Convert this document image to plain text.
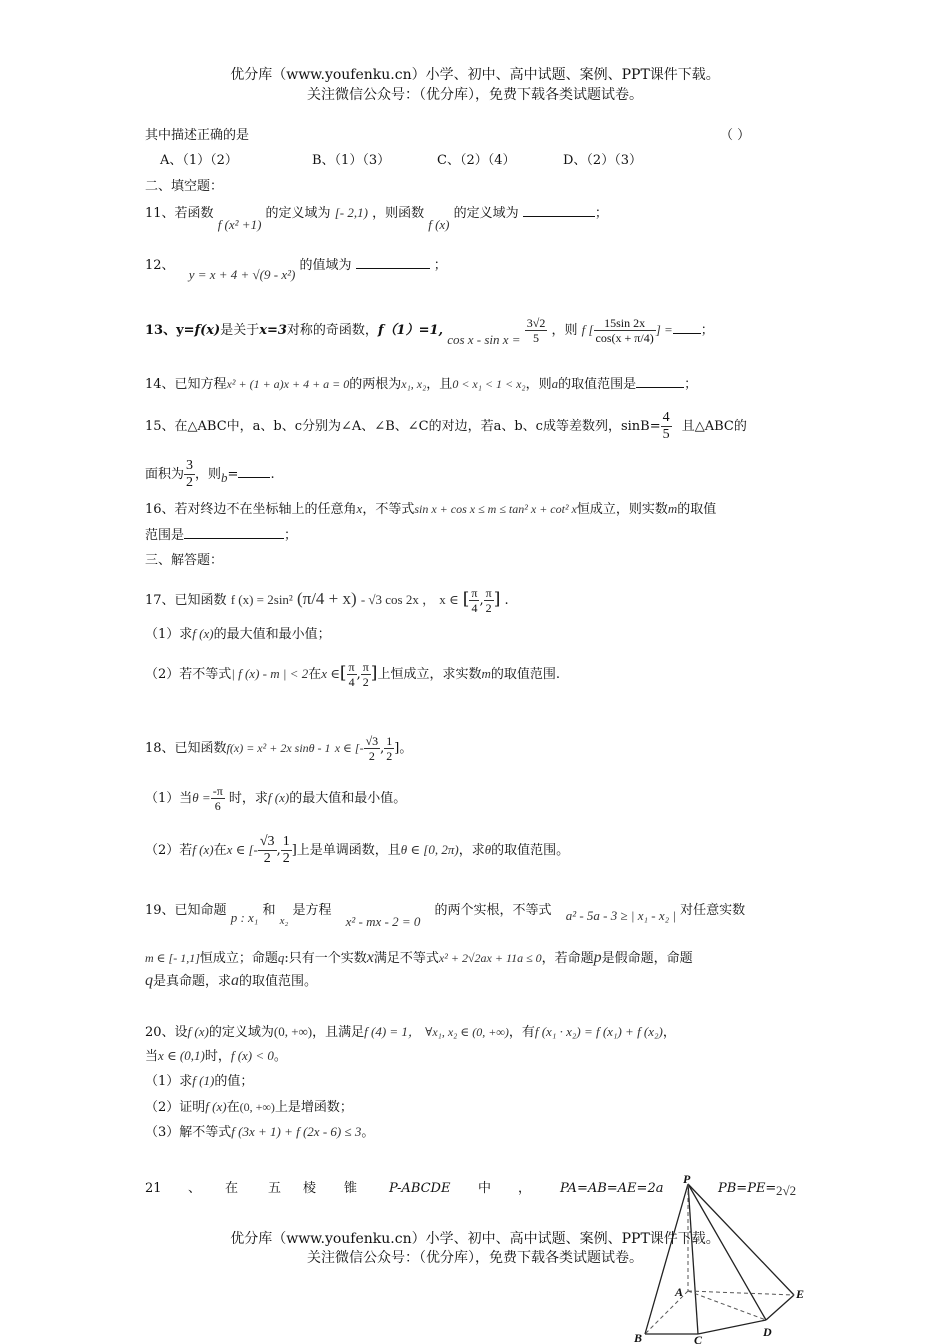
优分库（www.youfenku.cn）小学、初中、高中试题、案例、PPT课件下载。
关注微信公众号：（优分库），免费下载各类试题试卷。
其中描述正确的是	（ ）
A、（1）（2）	B、（1）（3）	C、（2）（4）	D、（2）（3）
二、填空题：
11、若函数 f (x² +1) 的定义域为 [- 2,1) ，则函数 f (x) 的定义域为	；
12、 y = x + 4 + √(9 - x²) 的值域为	；
13、y=f(x)是关于x=3对称的奇函数，f（1）=1, $\cos x - \sin x = \frac{3√2}{5}$ ，则 f [ $\frac{15\sin 2x}{\cos(x + \pi/4)}$ ] = ；
14、已知方程x² + (1 + a)x + 4 + a = 0的两根为x₁, x₂，且0 < x₁ < 1 < x₂，则a的取值范围是	；
15、在△ABC中，a、b、c分别为∠A、∠B、∠C的对边，若a、b、c成等差数列，$\sin B= \frac{4}{5}$ 且△ABC的
面积为 $\frac{3}{2}$ ，则b= .
16、若对终边不在坐标轴上的任意角x，不等式sin x + cos x ≤ m ≤ tan² x + cot² x恒成立，则实数m的取值
范围是	；
三、解答题：
17、已知函数 f (x) = 2sin² (π/4 + x) - √3 cos 2x ， x ∈ [ $\frac{\pi}{4}$ , $\frac{\pi}{2}$ ] .
（1）求f (x)的最大值和最小值；
（2）若不等式| f (x) - m | < 2在x ∈[ $\frac{\pi}{4}$ , $\frac{\pi}{2}$ ]上恒成立，求实数m的取值范围.
18、已知函数f(x) = x² + 2x sinθ - 1 x ∈ [- $\frac{√3}{2}$ , $\frac{1}{2}$ ]。
（1）当$\theta = \frac{-\pi}{6}$ 时，求f (x)的最大值和最小值。
（2）若f (x)在x ∈ [- $\frac{√3}{2}$ , $\frac{1}{2}$ ]上是单调函数，且θ ∈ [0, 2π)，求θ的取值范围。
19、已知命题 p : x₁ 和 $_{x_2}$ 是方程 x² - mx - 2 = 0 的两个实根，不等式 a² - 5a - 3 ≥ | x₁ - x₂ | 对任意实数
m ∈ [- 1,1]恒成立；命题q:只有一个实数x满足不等式x² + 2√2ax + 11a ≤ 0，若命题p是假命题，命题
q是真命题，求a的取值范围。
20、设f (x)的定义域为(0, +∞)，且满足f (4) = 1， ∀x₁, x₂ ∈ (0, +∞)，有f (x₁ · x₂) = f (x₁) + f (x₂)，
当x ∈ (0,1)时，f (x) < 0。
（1）求f (1)的值；
（2）证明f (x)在(0, +∞)上是增函数；
（3）解不等式f (3x + 1) + f (2x - 6) ≤ 3。
21 、 在 五 棱 锥 P-ABCDE 中 ， PA=AB=AE=2a	PB=PE= 2√2
P
A
B	C
D
E
优分库（www.youfenku.cn）小学、初中、高中试题、案例、PPT课件下载。
关注微信公众号：（优分库），免费下载各类试题试卷。
